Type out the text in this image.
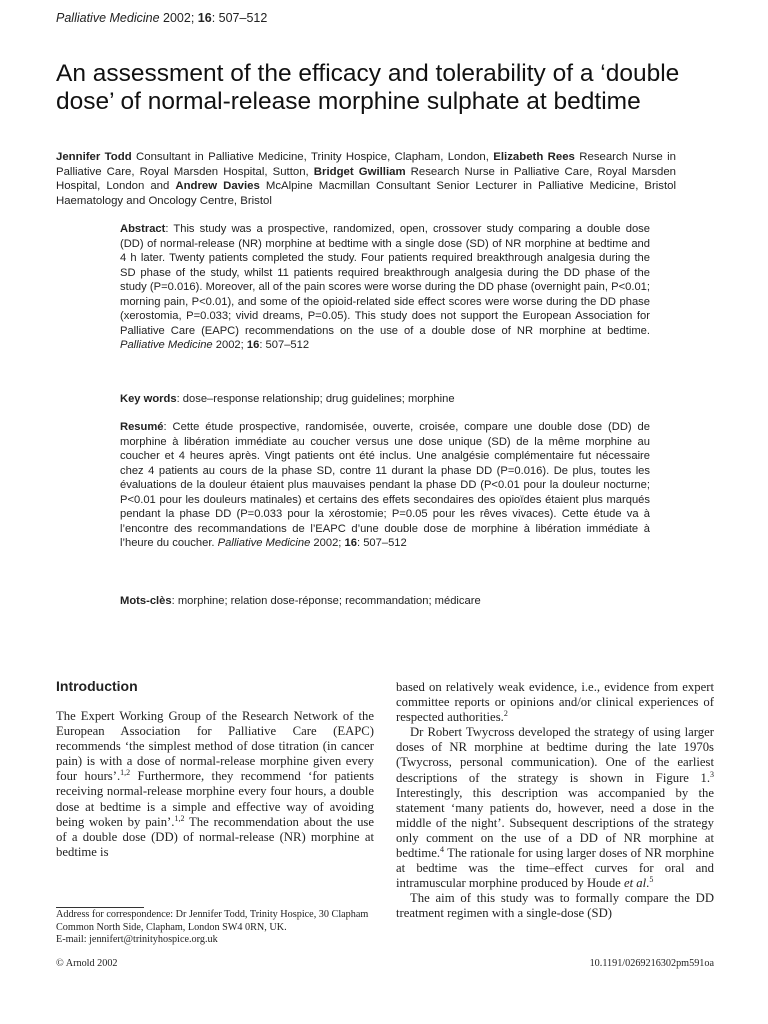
Palliative Medicine 2002; 16: 507–512
An assessment of the efficacy and tolerability of a ‘double dose’ of normal-release morphine sulphate at bedtime
Jennifer Todd Consultant in Palliative Medicine, Trinity Hospice, Clapham, London, Elizabeth Rees Research Nurse in Palliative Care, Royal Marsden Hospital, Sutton, Bridget Gwilliam Research Nurse in Palliative Care, Royal Marsden Hospital, London and Andrew Davies McAlpine Macmillan Consultant Senior Lecturer in Palliative Medicine, Bristol Haematology and Oncology Centre, Bristol
Abstract: This study was a prospective, randomized, open, crossover study comparing a double dose (DD) of normal-release (NR) morphine at bedtime with a single dose (SD) of NR morphine at bedtime and 4 h later. Twenty patients completed the study. Four patients required breakthrough analgesia during the SD phase of the study, whilst 11 patients required breakthrough analgesia during the DD phase of the study (P=0.016). Moreover, all of the pain scores were worse during the DD phase (overnight pain, P<0.01; morning pain, P<0.01), and some of the opioid-related side effect scores were worse during the DD phase (xerostomia, P=0.033; vivid dreams, P=0.05). This study does not support the European Association for Palliative Care (EAPC) recommendations on the use of a double dose of NR morphine at bedtime. Palliative Medicine 2002; 16: 507–512
Key words: dose–response relationship; drug guidelines; morphine
Resumé: Cette étude prospective, randomisée, ouverte, croisée, compare une double dose (DD) de morphine à libération immédiate au coucher versus une dose unique (SD) de la même morphine au coucher et 4 heures après. Vingt patients ont été inclus. Une analgésie complémentaire fut nécessaire chez 4 patients au cours de la phase SD, contre 11 durant la phase DD (P=0.016). De plus, toutes les évaluations de la douleur étaient plus mauvaises pendant la phase DD (P<0.01 pour la douleur nocturne; P<0.01 pour les douleurs matinales) et certains des effets secondaires des opioïdes étaient plus marqués pendant la phase DD (P=0.033 pour la xérostomie; P=0.05 pour les rêves vivaces). Cette étude va à l’encontre des recommandations de l’EAPC d’une double dose de morphine à libération immédiate à l’heure du coucher. Palliative Medicine 2002; 16: 507–512
Mots-clès: morphine; relation dose-réponse; recommandation; médicare
Introduction

The Expert Working Group of the Research Network of the European Association for Palliative Care (EAPC) recommends ‘the simplest method of dose titration (in cancer pain) is with a dose of normal-release morphine given every four hours’.$^{1,2}$ Furthermore, they recommend ‘for patients receiving normal-release morphine every four hours, a double dose at bedtime is a simple and effective way of avoiding being woken by pain’.$^{1,2}$ The recommendation about the use of a double dose (DD) of normal-release (NR) morphine at bedtime is

based on relatively weak evidence, i.e., evidence from expert committee reports or opinions and/or clinical experiences of respected authorities.$^2$

Dr Robert Twycross developed the strategy of using larger doses of NR morphine at bedtime during the late 1970s (Twycross, personal communication). One of the earliest descriptions of the strategy is shown in Figure 1.$^3$ Interestingly, this description was accompanied by the statement ‘many patients do, however, need a dose in the middle of the night’. Subsequent descriptions of the strategy only comment on the use of a DD of NR morphine at bedtime.$^4$ The rationale for using larger doses of NR morphine at bedtime was the time–effect curves for oral and intramuscular morphine produced by Houde et al.$^5$

The aim of this study was to formally compare the DD treatment regimen with a single-dose (SD)

Address for correspondence: Dr Jennifer Todd, Trinity Hospice, 30 Clapham Common North Side, Clapham, London SW4 0RN, UK.
E-mail: jennifert@trinityhospice.org.uk
© Arnold 2002	10.1191/0269216302pm591oa
